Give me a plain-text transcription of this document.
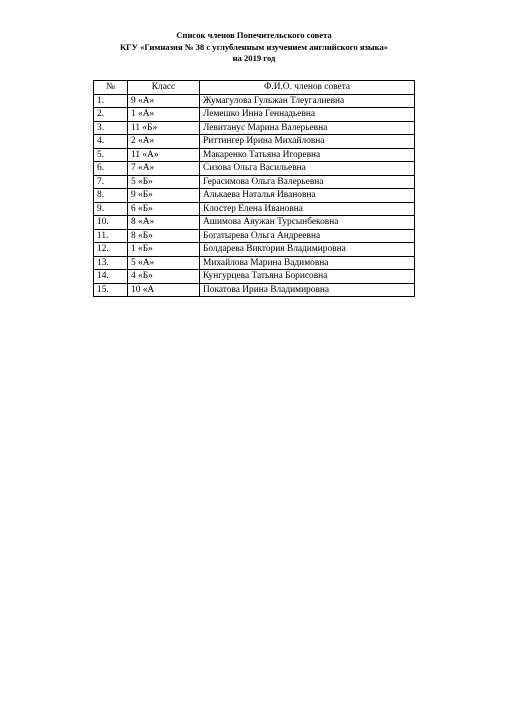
Список членов Попечительского совета
КГУ «Гимназия № 38 с углубленным изучением английского языка»
на 2019 год
№	Класс	Ф.И.О. членов совета
1.	9 «А»	Жумагулова Гульжан Тлеугалиевна
2.	1 «А»	Лемешко Инна Геннадьевна
3.	11 «Б»	Левитанус Марина Валерьевна
4.	2 «А»	Риттингер Ирина Михайловна
5.	11 «А»	Макаренко Татьяна Игоревна
6.	7 «А»	Сизова Ольга Васильевна
7.	5 «Б»	Герасимова Ольга Валерьевна
8.	9 «Б»	Алькаева Наталья Ивановна
9.	6 «Б»	Клостер Елена Ивановна
10.	8 «А»	Ашимова Аяужан Турсынбековна
11.	8 «Б»	Богатырева Ольга Андреевна
12.	1 «Б»	Болдарева Виктория Владимировна
13.	5 «А»	Михайлова Марина Вадимовна
14.	4 «Б»	Кунгурцева Татьяна Борисовна
15.	10 «А	Покатова Ирина Владимировна
